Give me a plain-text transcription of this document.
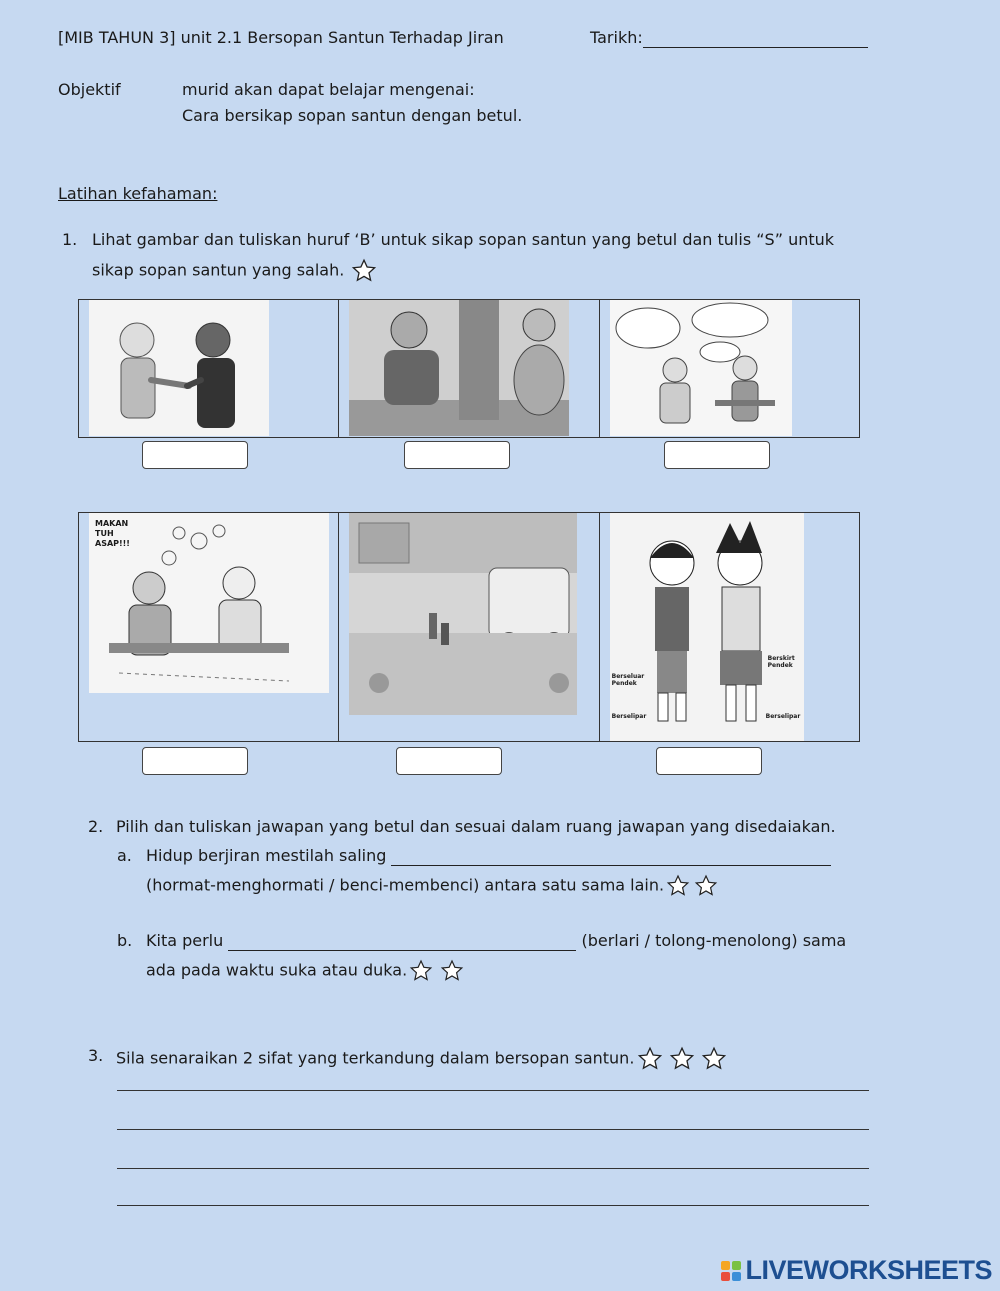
[MIB TAHUN 3] unit 2.1 Bersopan Santun Terhadap Jiran	Tarikh:
Objektif	murid akan dapat belajar mengenai:
Cara bersikap sopan santun dengan betul.
Latihan kefahaman:
1. Lihat gambar dan tuliskan huruf ‘B’ untuk sikap sopan santun yang betul dan tulis “S” untuk
sikap sopan santun yang salah.
MAKAN TUH ASAP!!!
Berseluar Pendek
Berselipar
Berskirt Pendek
Berselipar
2. Pilih dan tuliskan jawapan yang betul dan sesuai dalam ruang jawapan yang disedaiakan.
a. Hidup berjiran mestilah saling
(hormat-menghormati / benci-membenci) antara satu sama lain.
b. Kita perlu	(berlari / tolong-menolong) sama
ada pada waktu suka atau duka.
3. Sila senaraikan 2 sifat yang terkandung dalam bersopan santun.
LIVEWORKSHEETS
